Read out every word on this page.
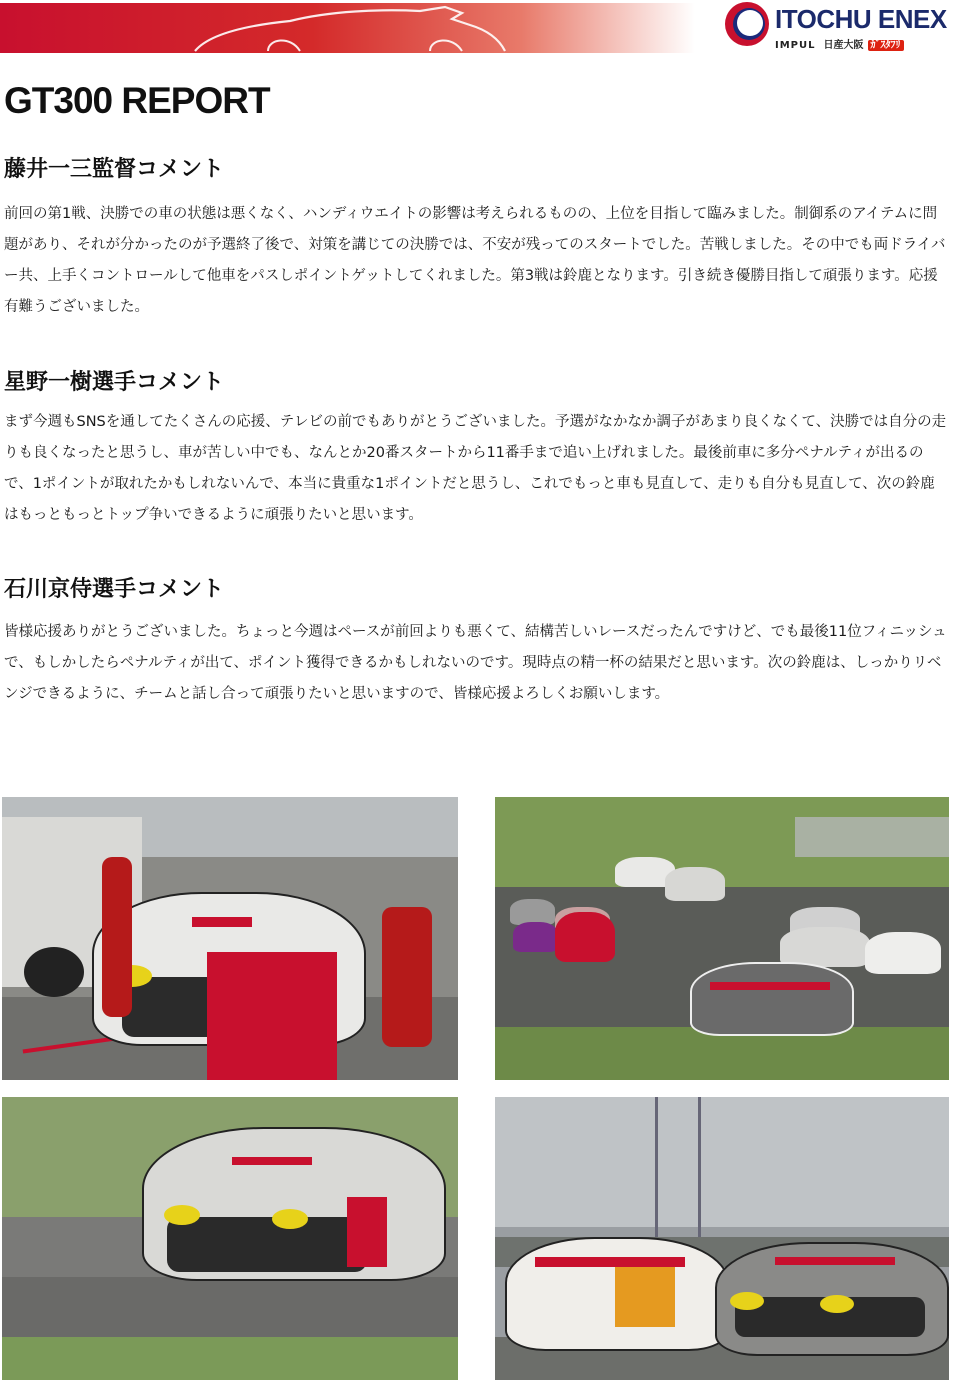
ITOCHU ENEX
IMPUL 日産大阪 ｶﾞｽﾀﾌﾘ
GT300 REPORT
藤井一三監督コメント

前回の第1戦、決勝での車の状態は悪くなく、ハンディウエイトの影響は考えられるものの、上位を目指して臨みました。制御系のアイテムに問題があり、それが分かったのが予選終了後で、対策を講じての決勝では、不安が残ってのスタートでした。苦戦しました。その中でも両ドライバー共、上手くコントロールして他車をパスしポイントゲットしてくれました。第3戦は鈴鹿となります。引き続き優勝目指して頑張ります。応援有難うございました。

星野一樹選手コメント

まず今週もSNSを通してたくさんの応援、テレビの前でもありがとうございました。予選がなかなか調子があまり良くなくて、決勝では自分の走りも良くなったと思うし、車が苦しい中でも、なんとか20番スタートから11番手まで追い上げれました。最後前車に多分ペナルティが出るので、1ポイントが取れたかもしれないんで、本当に貴重な1ポイントだと思うし、これでもっと車も見直して、走りも自分も見直して、次の鈴鹿はもっともっとトップ争いできるように頑張りたいと思います。

石川京侍選手コメント

皆様応援ありがとうございました。ちょっと今週はペースが前回よりも悪くて、結構苦しいレースだったんですけど、でも最後11位フィニッシュで、もしかしたらペナルティが出て、ポイント獲得できるかもしれないのです。現時点の精一杯の結果だと思います。次の鈴鹿は、しっかりリベンジできるように、チームと話し合って頑張りたいと思いますので、皆様応援よろしくお願いします。
